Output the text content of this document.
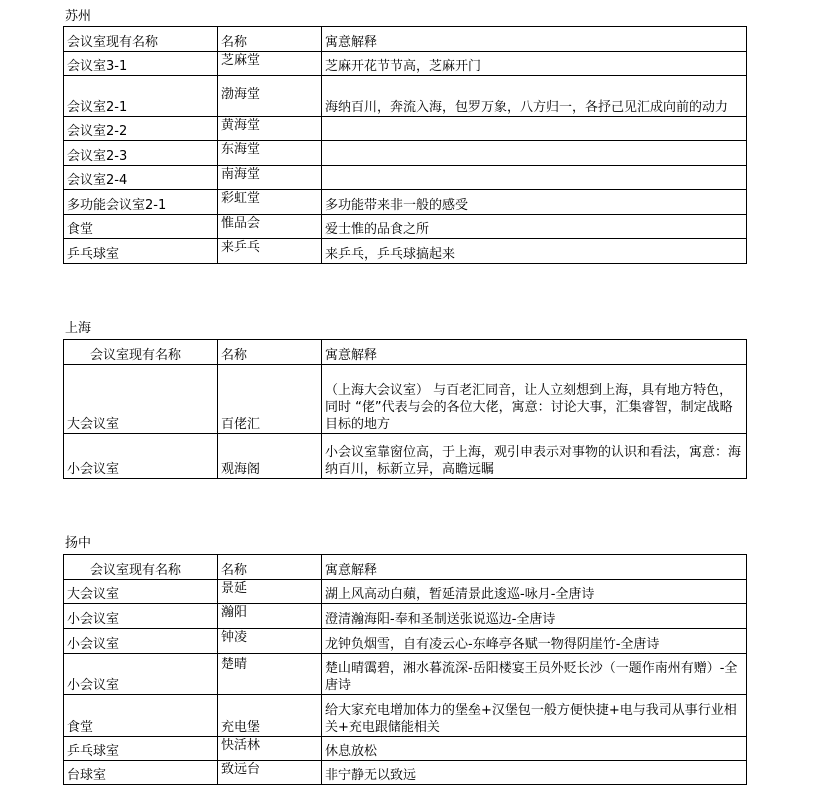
苏州
会议室现有名称	名称	寓意解释
会议室3-1	芝麻堂	芝麻开花节节高，芝麻开门
会议室2-1	渤海堂	海纳百川，奔流入海，包罗万象，八方归一，各抒己见汇成向前的动力
会议室2-2	黄海堂	
会议室2-3	东海堂	
会议室2-4	南海堂	
多功能会议室2-1	彩虹堂	多功能带来非一般的感受
食堂	惟品会	爱士惟的品食之所
乒乓球室	来乒乓	来乒乓，乒乓球搞起来
上海
会议室现有名称	名称	寓意解释
大会议室	百佬汇	（上海大会议室） 与百老汇同音，让人立刻想到上海，具有地方特色，同时 “佬”代表与会的各位大佬，寓意：讨论大事，汇集睿智，制定战略目标的地方
小会议室	观海阁	小会议室靠窗位高，于上海，观引申表示对事物的认识和看法，寓意：海纳百川，标新立异，高瞻远瞩
扬中
会议室现有名称	名称	寓意解释
大会议室	景延	湖上风高动白蘋，暂延清景此逡巡-咏月-全唐诗
小会议室	瀚阳	澄清瀚海阳-奉和圣制送张说巡边-全唐诗
小会议室	钟凌	龙钟负烟雪，自有凌云心-东峰亭各赋一物得阴崖竹-全唐诗
小会议室	楚晴	楚山晴霭碧，湘水暮流深-岳阳楼宴王员外贬长沙（一题作南州有赠）-全唐诗
食堂	充电堡	给大家充电增加体力的堡垒+汉堡包一般方便快捷+电与我司从事行业相关+充电跟储能相关
乒乓球室	快活林	休息放松
台球室	致远台	非宁静无以致远
